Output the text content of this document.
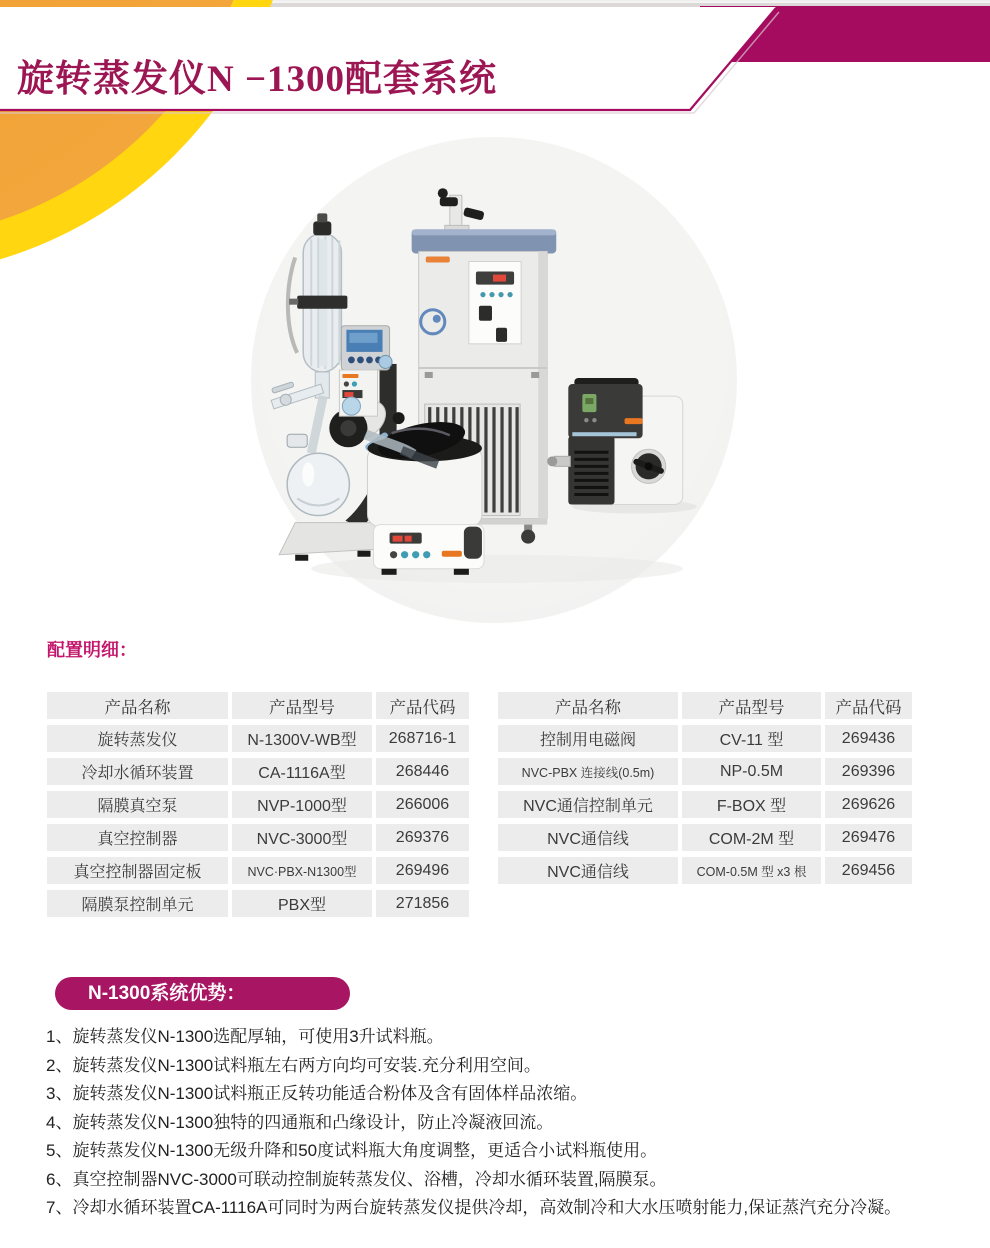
旋转蒸发仪N −1300配套系统
配置明细：
产品名称	产品型号	产品代码
旋转蒸发仪	N-1300V-WB型	268716-1
冷却水循环装置	CA-1116A型	268446
隔膜真空泵	NVP-1000型	266006
真空控制器	NVC-3000型	269376
真空控制器固定板	NVC·PBX-N1300型	269496
隔膜泵控制单元	PBX型	271856
产品名称	产品型号	产品代码
控制用电磁阀	CV-11 型	269436
NVC-PBX 连接线(0.5m)	NP-0.5M	269396
NVC通信控制单元	F-BOX 型	269626
NVC通信线	COM-2M 型	269476
NVC通信线	COM-0.5M 型 x3 根	269456
N-1300系统优势：
1、旋转蒸发仪N-1300选配厚轴，可使用3升试料瓶。
2、旋转蒸发仪N-1300试料瓶左右两方向均可安装.充分利用空间。
3、旋转蒸发仪N-1300试料瓶正反转功能适合粉体及含有固体样品浓缩。
4、旋转蒸发仪N-1300独特的四通瓶和凸缘设计，防止冷凝液回流。
5、旋转蒸发仪N-1300无级升降和50度试料瓶大角度调整，更适合小试料瓶使用。
6、真空控制器NVC-3000可联动控制旋转蒸发仪、浴槽，冷却水循环装置,隔膜泵。
7、冷却水循环装置CA-1116A可同时为两台旋转蒸发仪提供冷却，高效制冷和大水压喷射能力,保证蒸汽充分冷凝。
